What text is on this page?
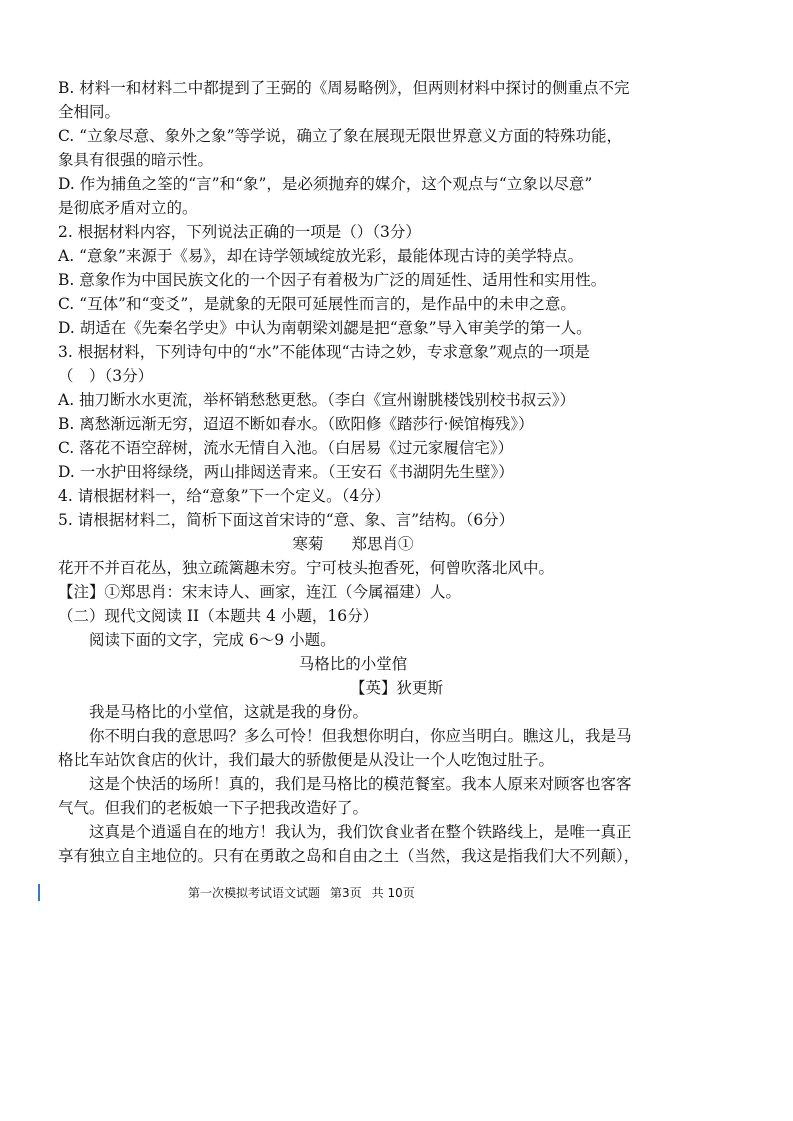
B. 材料一和材料二中都提到了王弼的《周易略例》，但两则材料中探讨的侧重点不完

全相同。

C. “立象尽意、象外之象”等学说，确立了象在展现无限世界意义方面的特殊功能，

象具有很强的暗示性。

D. 作为捕鱼之筌的“言”和“象”，是必须抛弃的媒介，这个观点与“立象以尽意”

是彻底矛盾对立的。

2. 根据材料内容，下列说法正确的一项是（）（3分）

A. “意象”来源于《易》，却在诗学领域绽放光彩，最能体现古诗的美学特点。

B. 意象作为中国民族文化的一个因子有着极为广泛的周延性、适用性和实用性。

C. “互体”和“变爻”，是就象的无限可延展性而言的，是作品中的未申之意。

D. 胡适在《先秦名学史》中认为南朝梁刘勰是把“意象”导入审美学的第一人。

3. 根据材料，下列诗句中的“水”不能体现“古诗之妙，专求意象”观点的一项是

（　）（3分）

A. 抽刀断水水更流，举杯销愁愁更愁。（李白《宣州谢朓楼饯别校书叔云》）

B. 离愁渐远渐无穷，迢迢不断如春水。（欧阳修《踏莎行·候馆梅残》）

C. 落花不语空辞树，流水无情自入池。（白居易《过元家履信宅》）

D. 一水护田将绿绕，两山排闼送青来。（王安石《书湖阴先生壁》）

4. 请根据材料一，给“意象”下一个定义。（4分）

5. 请根据材料二，简析下面这首宋诗的“意、象、言”结构。（6分）

寒菊 郑思肖①

花开不并百花丛，独立疏篱趣未穷。宁可枝头抱香死，何曾吹落北风中。

【注】①郑思肖：宋末诗人、画家，连江（今属福建）人。

（二）现代文阅读 II（本题共 4 小题，16分）

阅读下面的文字，完成 6～9 小题。

马格比的小堂倌

【英】狄更斯

我是马格比的小堂倌，这就是我的身份。

你不明白我的意思吗？多么可怜！但我想你明白，你应当明白。瞧这儿，我是马

格比车站饮食店的伙计，我们最大的骄傲便是从没让一个人吃饱过肚子。

这是个快活的场所！真的，我们是马格比的模范餐室。我本人原来对顾客也客客

气气。但我们的老板娘一下子把我改造好了。

这真是个逍遥自在的地方！我认为，我们饮食业者在整个铁路线上，是唯一真正

享有独立自主地位的。只有在勇敢之岛和自由之土（当然，我这是指我们大不列颠），

第一次模拟考试语文试题 第3页 共 10页
